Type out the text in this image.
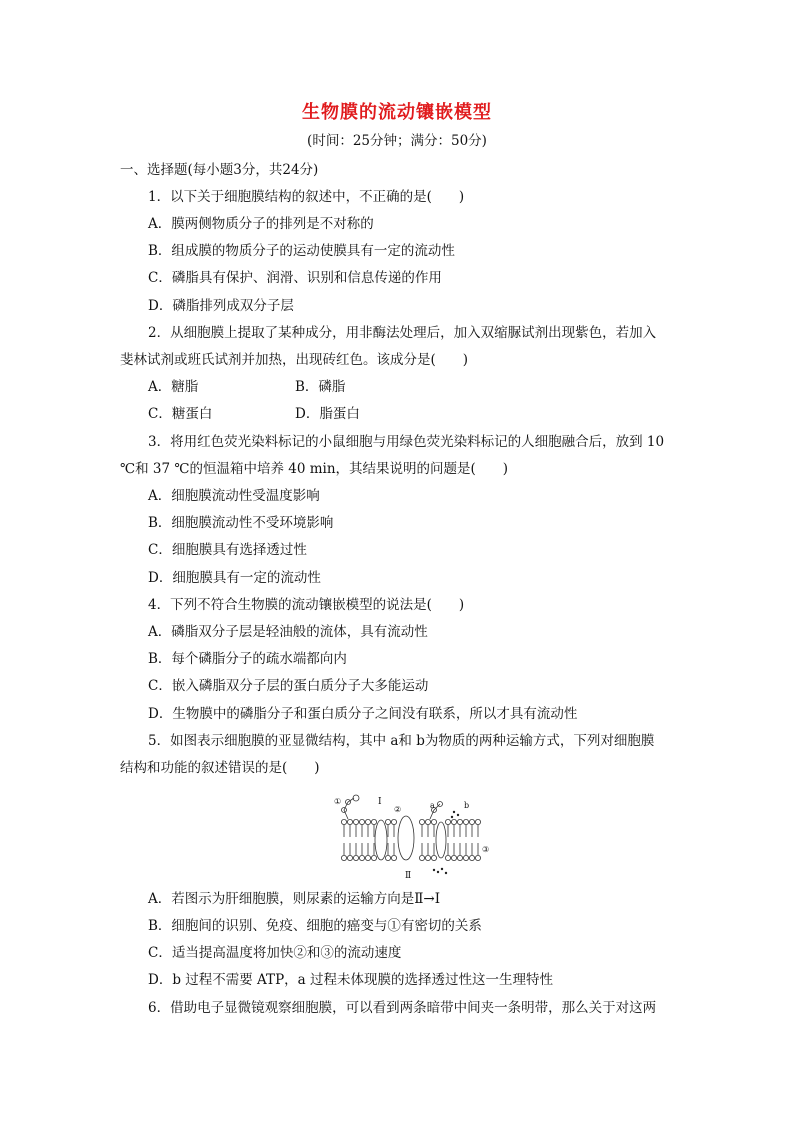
生物膜的流动镶嵌模型
(时间：25分钟；满分：50分)
一、选择题(每小题3分，共24分)
1．以下关于细胞膜结构的叙述中，不正确的是(　　)
A．膜两侧物质分子的排列是不对称的
B．组成膜的物质分子的运动使膜具有一定的流动性
C．磷脂具有保护、润滑、识别和信息传递的作用
D．磷脂排列成双分子层
2．从细胞膜上提取了某种成分，用非酶法处理后，加入双缩脲试剂出现紫色，若加入
斐林试剂或班氏试剂并加热，出现砖红色。该成分是(　　)
A．糖脂	B．磷脂
C．糖蛋白	D．脂蛋白
3．将用红色荧光染料标记的小鼠细胞与用绿色荧光染料标记的人细胞融合后，放到 10
℃和 37 ℃的恒温箱中培养 40 min，其结果说明的问题是(　　)
A．细胞膜流动性受温度影响
B．细胞膜流动性不受环境影响
C．细胞膜具有选择透过性
D．细胞膜具有一定的流动性
4．下列不符合生物膜的流动镶嵌模型的说法是(　　)
A．磷脂双分子层是轻油般的流体，具有流动性
B．每个磷脂分子的疏水端都向内
C．嵌入磷脂双分子层的蛋白质分子大多能运动
D．生物膜中的磷脂分子和蛋白质分子之间没有联系，所以才具有流动性
5．如图表示细胞膜的亚显微结构，其中 a和 b为物质的两种运输方式，下列对细胞膜
结构和功能的叙述错误的是(　　)
Ⅰ
Ⅱ
①
②
③
a	b
A．若图示为肝细胞膜，则尿素的运输方向是Ⅱ→Ⅰ
B．细胞间的识别、免疫、细胞的癌变与①有密切的关系
C．适当提高温度将加快②和③的流动速度
D．b 过程不需要 ATP，a 过程未体现膜的选择透过性这一生理特性
6．借助电子显微镜观察细胞膜，可以看到两条暗带中间夹一条明带，那么关于对这两
